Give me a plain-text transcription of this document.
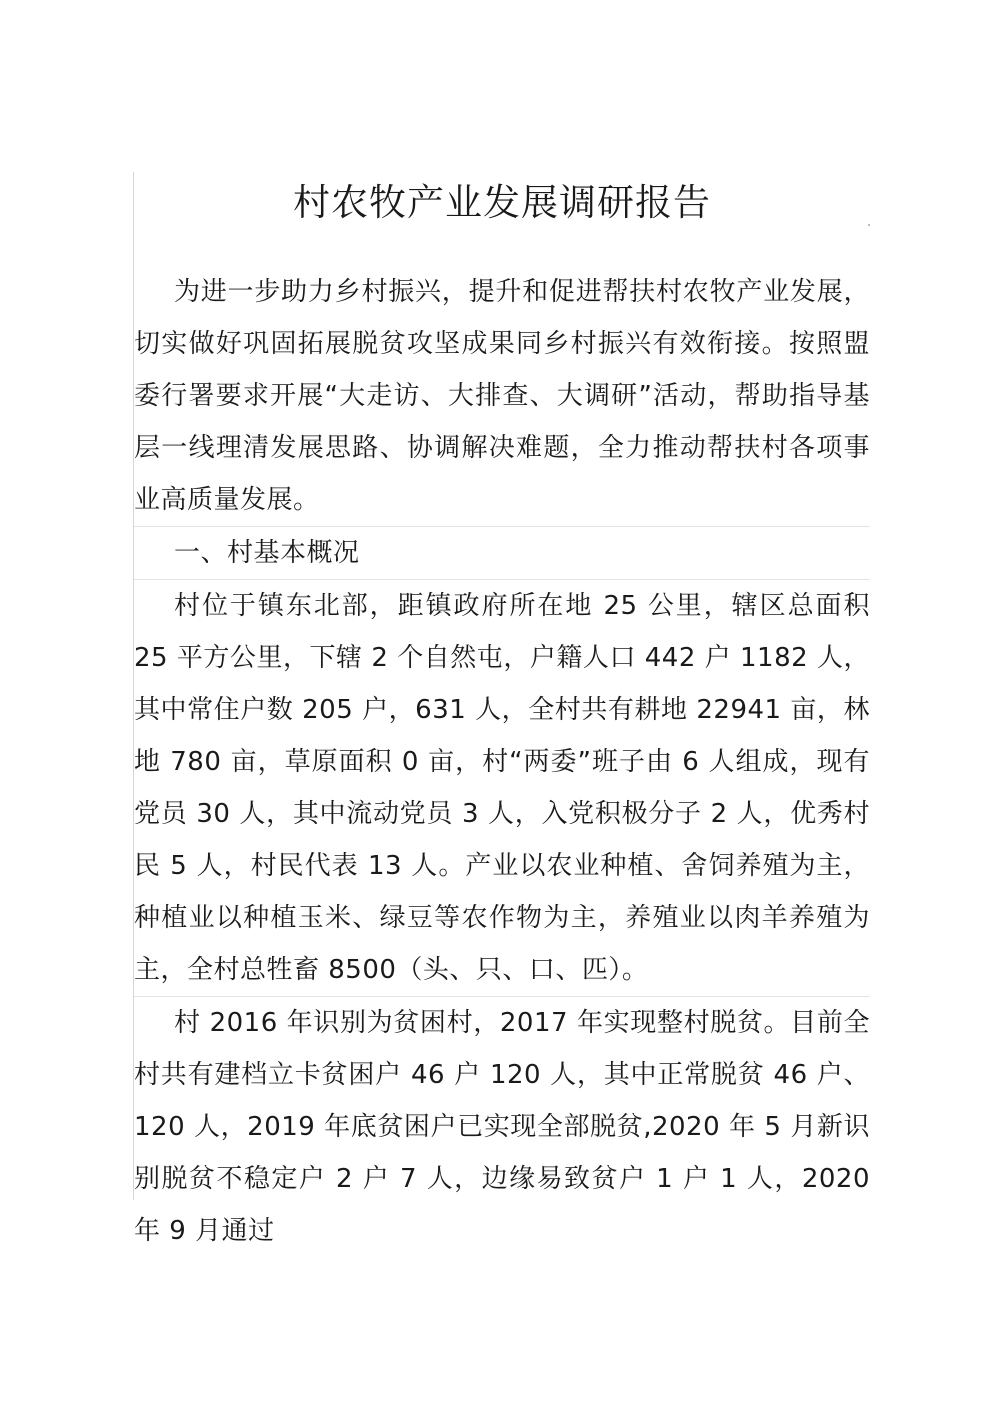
村农牧产业发展调研报告

为进一步助力乡村振兴，提升和促进帮扶村农牧产业发展，切实做好巩固拓展脱贫攻坚成果同乡村振兴有效衔接。按照盟委行署要求开展“大走访、大排查、大调研”活动，帮助指导基层一线理清发展思路、协调解决难题，全力推动帮扶村各项事业高质量发展。

一、村基本概况

村位于镇东北部，距镇政府所在地 25 公里，辖区总面积 25 平方公里，下辖 2 个自然屯，户籍人口 442 户 1182 人，其中常住户数 205 户，631 人，全村共有耕地 22941 亩，林地 780 亩，草原面积 0 亩，村“两委”班子由 6 人组成，现有党员 30 人，其中流动党员 3 人，入党积极分子 2 人，优秀村民 5 人，村民代表 13 人。产业以农业种植、舍饲养殖为主，种植业以种植玉米、绿豆等农作物为主，养殖业以肉羊养殖为主，全村总牲畜 8500（头、只、口、匹）。

村 2016 年识别为贫困村，2017 年实现整村脱贫。目前全村共有建档立卡贫困户 46 户 120 人，其中正常脱贫 46 户、120 人，2019 年底贫困户已实现全部脱贫,2020 年 5 月新识别脱贫不稳定户 2 户 7 人，边缘易致贫户 1 户 1 人，2020 年 9 月通过
